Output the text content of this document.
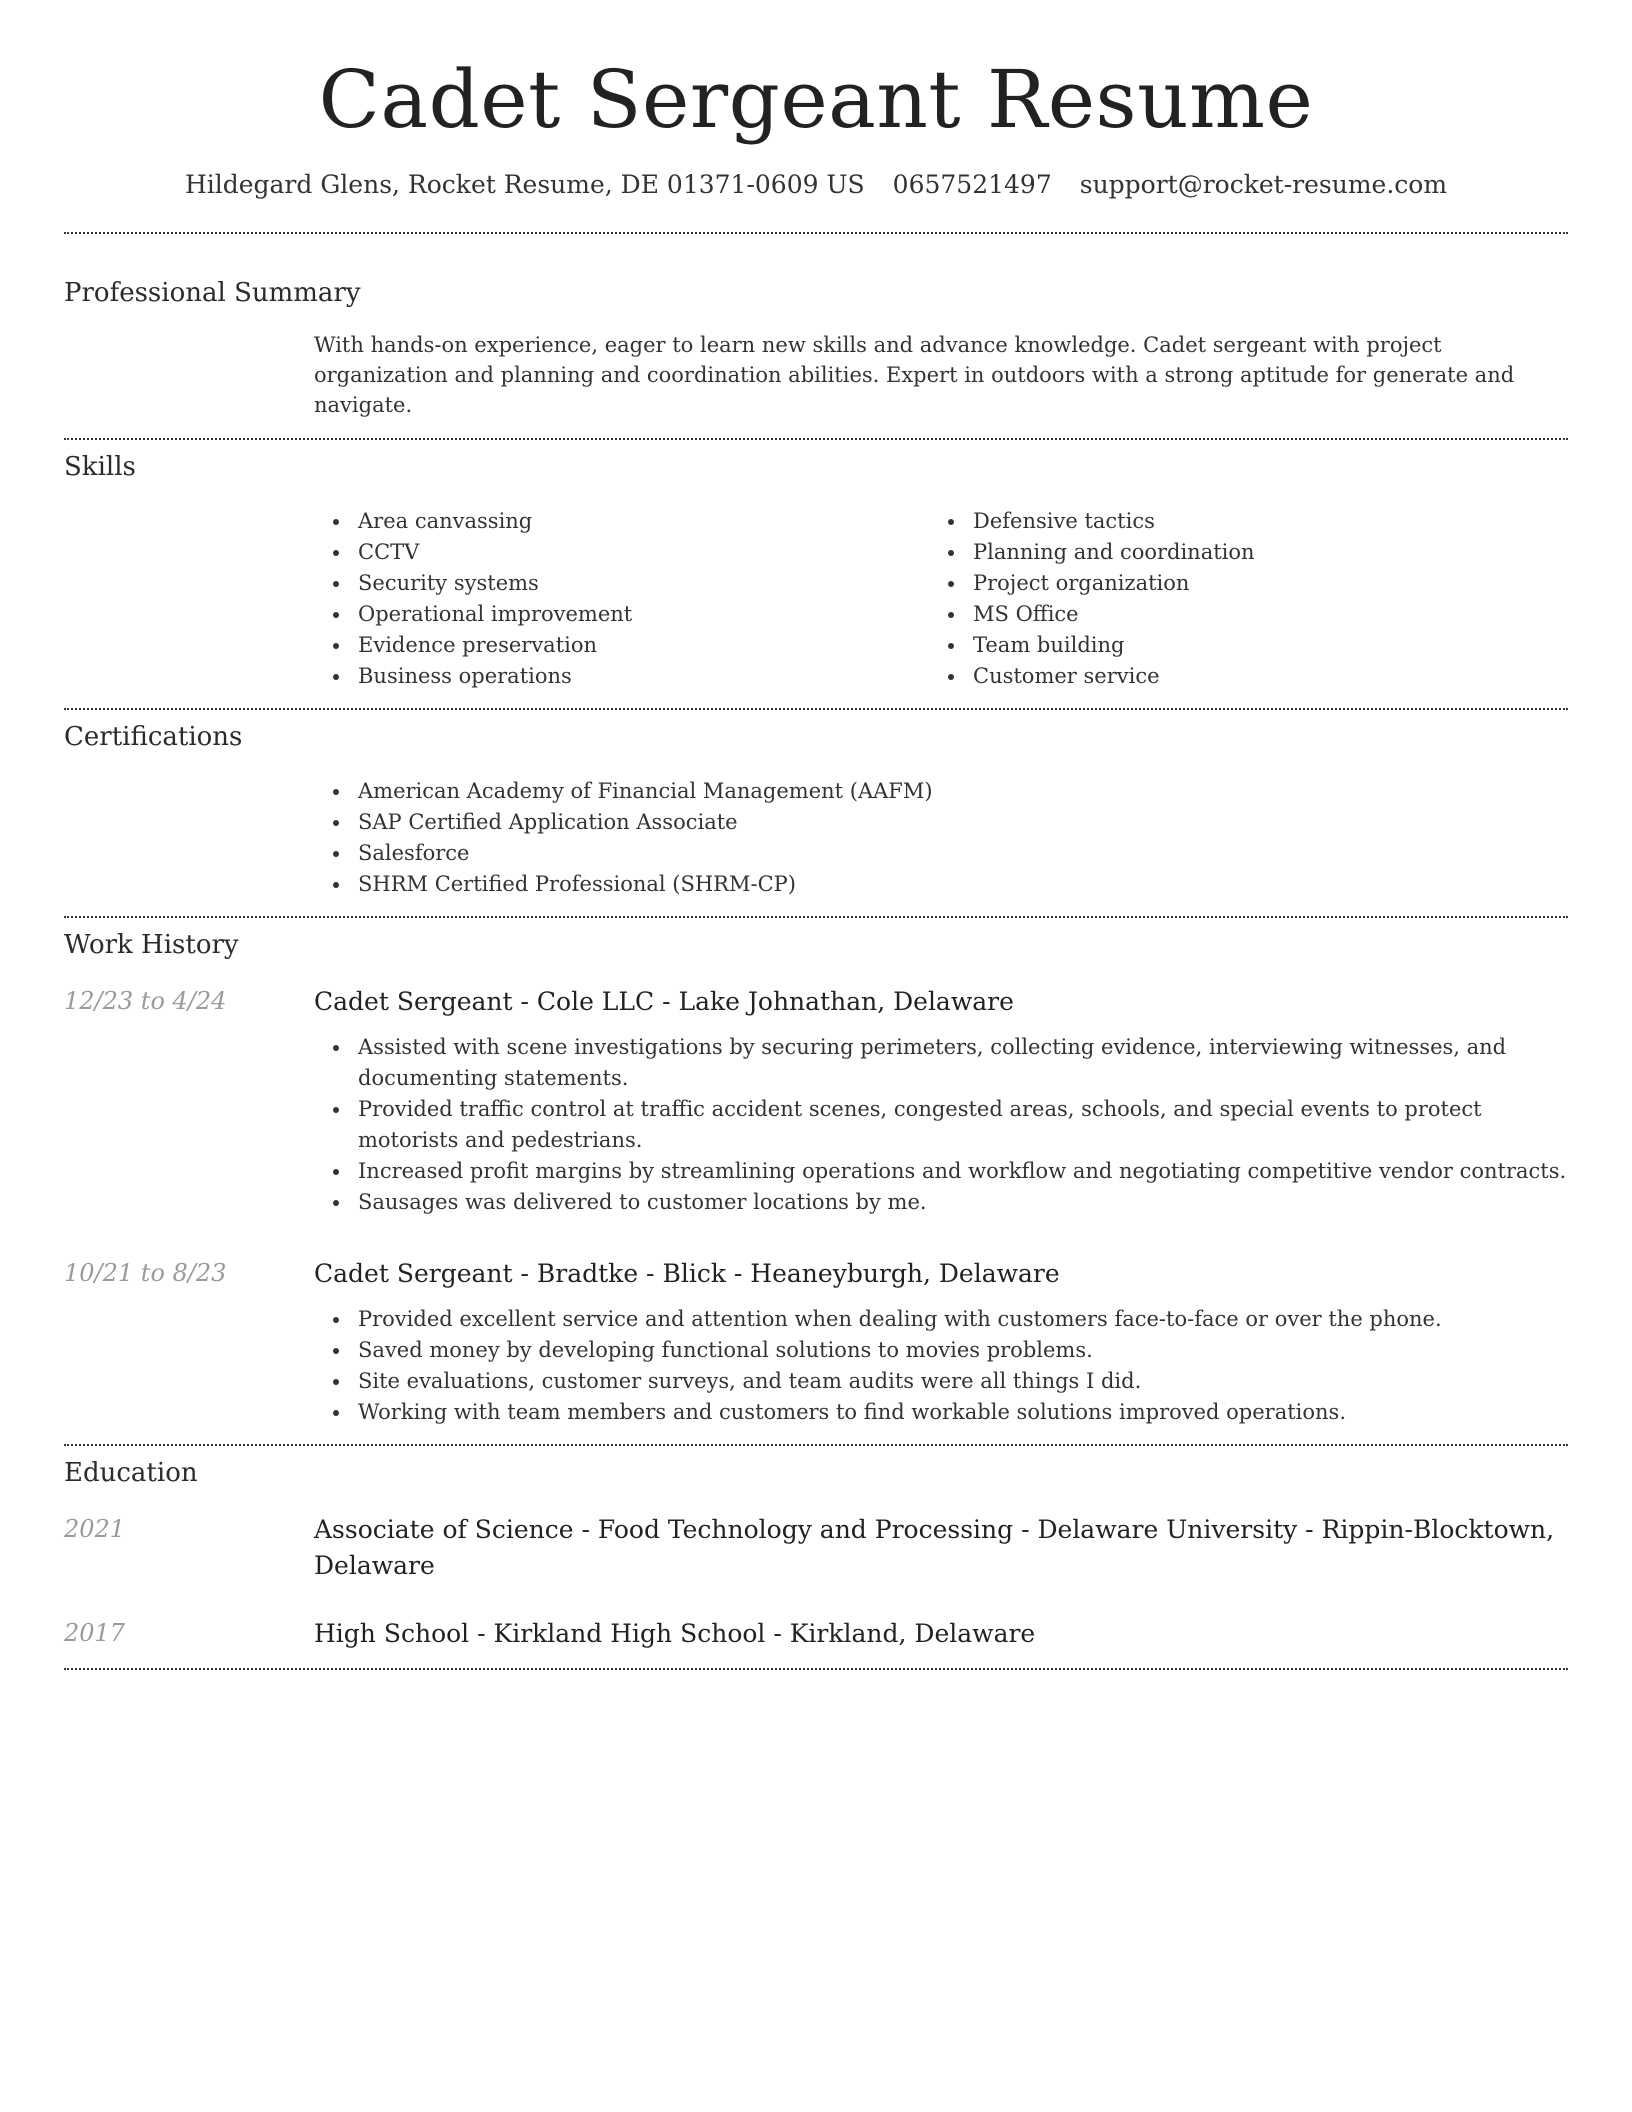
Cadet Sergeant Resume
Hildegard Glens, Rocket Resume, DE 01371-0609 US 0657521497 support@rocket-resume.com
Professional Summary

With hands-on experience, eager to learn new skills and advance knowledge. Cadet sergeant with project organization and planning and coordination abilities. Expert in outdoors with a strong aptitude for generate and navigate.

Skills
Area canvassing
CCTV
Security systems
Operational improvement
Evidence preservation
Business operations
Defensive tactics
Planning and coordination
Project organization
MS Office
Team building
Customer service
Certifications
American Academy of Financial Management (AAFM)
SAP Certified Application Associate
Salesforce
SHRM Certified Professional (SHRM-CP)
Work History
12/23 to 4/24	Cadet Sergeant - Cole LLC - Lake Johnathan, Delaware
Assisted with scene investigations by securing perimeters, collecting evidence, interviewing witnesses, and documenting statements.
Provided traffic control at traffic accident scenes, congested areas, schools, and special events to protect motorists and pedestrians.
Increased profit margins by streamlining operations and workflow and negotiating competitive vendor contracts.
Sausages was delivered to customer locations by me.
10/21 to 8/23	Cadet Sergeant - Bradtke - Blick - Heaneyburgh, Delaware
Provided excellent service and attention when dealing with customers face-to-face or over the phone.
Saved money by developing functional solutions to movies problems.
Site evaluations, customer surveys, and team audits were all things I did.
Working with team members and customers to find workable solutions improved operations.
Education
2021	Associate of Science - Food Technology and Processing - Delaware University - Rippin-Blocktown, Delaware
2017	High School - Kirkland High School - Kirkland, Delaware
